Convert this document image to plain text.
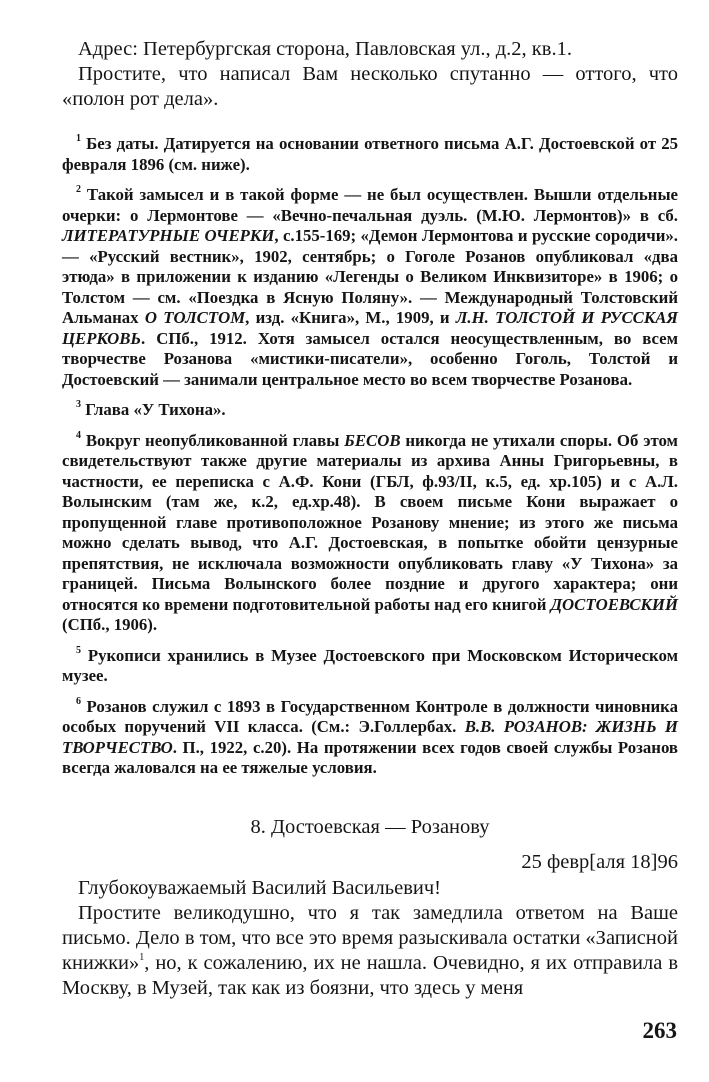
Адрес: Петербургская сторона, Павловская ул., д.2, кв.1.

Простите, что написал Вам несколько спутанно — оттого, что «полон рот дела».

$^1$ Без даты. Датируется на основании ответного письма А.Г. Достоевской от 25 февраля 1896 (см. ниже).

$^2$ Такой замысел и в такой форме — не был осуществлен. Вышли отдельные очерки: о Лермонтове — «Вечно-печальная дуэль. (М.Ю. Лермонтов)» в сб. ЛИТЕРАТУРНЫЕ ОЧЕРКИ, с.155-169; «Демон Лермонтова и русские сородичи». — «Русский вестник», 1902, сентябрь; о Гоголе Розанов опубликовал «два этюда» в приложении к изданию «Легенды о Великом Инквизиторе» в 1906; о Толстом — см. «Поездка в Ясную Поляну». — Международный Толстовский Альманах О ТОЛСТОМ, изд. «Книга», М., 1909, и Л.Н. ТОЛСТОЙ И РУССКАЯ ЦЕРКОВЬ. СПб., 1912. Хотя замысел остался неосуществленным, во всем творчестве Розанова «мистики-писатели», особенно Гоголь, Толстой и Достоевский — занимали центральное место во всем творчестве Розанова.

$^3$ Глава «У Тихона».

$^4$ Вокруг неопубликованной главы БЕСОВ никогда не утихали споры. Об этом свидетельствуют также другие материалы из архива Анны Григорьевны, в частности, ее переписка с А.Ф. Кони (ГБЛ, ф.93/II, к.5, ед. хр.105) и с А.Л. Волынским (там же, к.2, ед.хр.48). В своем письме Кони выражает о пропущенной главе противоположное Розанову мнение; из этого же письма можно сделать вывод, что А.Г. Достоевская, в попытке обойти цензурные препятствия, не исключала возможности опубликовать главу «У Тихона» за границей. Письма Волынского более поздние и другого характера; они относятся ко времени подготовительной работы над его книгой ДОСТОЕВСКИЙ (СПб., 1906).

$^5$ Рукописи хранились в Музее Достоевского при Московском Историческом музее.

$^6$ Розанов служил с 1893 в Государственном Контроле в должности чиновника особых поручений VII класса. (См.: Э.Голлербах. В.В. РОЗАНОВ: ЖИЗНЬ И ТВОРЧЕСТВО. П., 1922, с.20). На протяжении всех годов своей службы Розанов всегда жаловался на ее тяжелые условия.

8. Достоевская — Розанову
25 февр[аля 18]96

Глубокоуважаемый Василий Васильевич!

Простите великодушно, что я так замедлила ответом на Ваше письмо. Дело в том, что все это время разыскивала остатки «Записной книжки»$^1$, но, к сожалению, их не нашла. Очевидно, я их отправила в Москву, в Музей, так как из боязни, что здесь у меня

263
